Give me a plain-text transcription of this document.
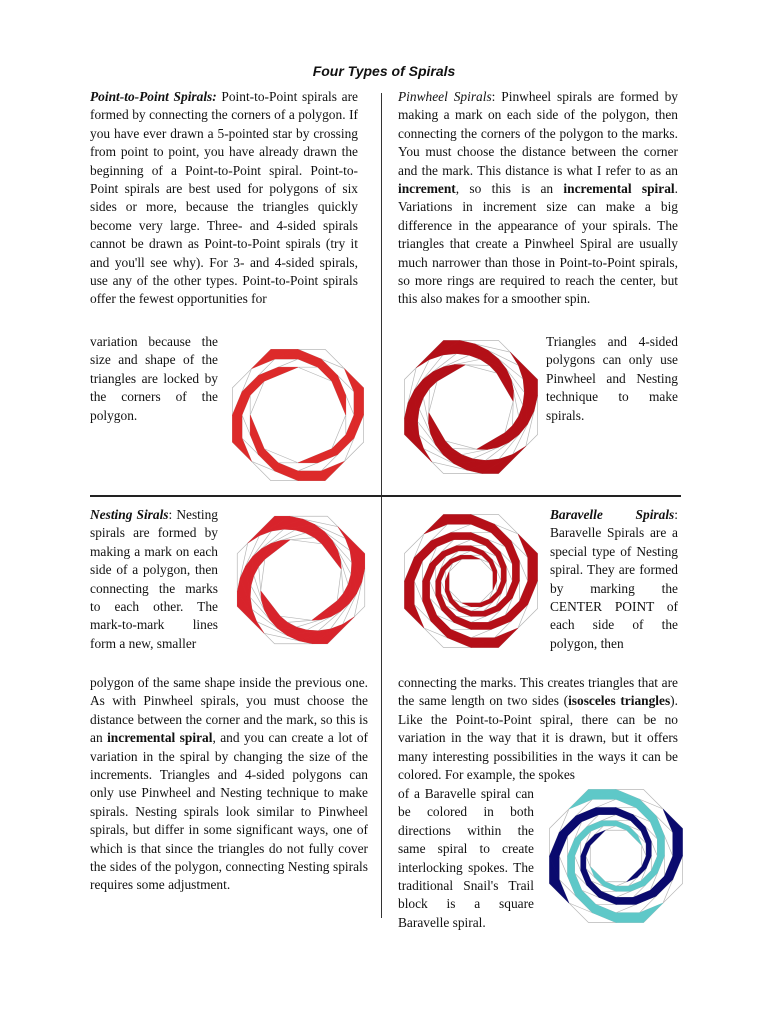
Four Types of Spirals

Point-to-Point Spirals: Point-to-Point spirals are formed by connecting the corners of a polygon. If you have ever drawn a 5-pointed star by crossing from point to point, you have already drawn the beginning of a Point-to-Point spiral. Point-to-Point spirals are best used for polygons of six sides or more, because the triangles quickly become very large. Three- and 4-sided spirals cannot be drawn as Point-to-Point spirals (try it and you'll see why). For 3- and 4-sided spirals, use any of the other types. Point-to-Point spirals offer the fewest opportunities for

variation because the size and shape of the triangles are locked by the corners of the polygon.

Pinwheel Spirals: Pinwheel spirals are formed by making a mark on each side of the polygon, then connecting the corners of the polygon to the marks. You must choose the distance between the corner and the mark. This distance is what I refer to as an increment, so this is an incremental spiral. Variations in increment size can make a big difference in the appearance of your spirals. The triangles that create a Pinwheel Spiral are usually much narrower than those in Point-to-Point spirals, so more rings are required to reach the center, but this also makes for a smoother spin.

Triangles and 4-sided polygons can only use Pinwheel and Nesting technique to make spirals.

Nesting Sirals: Nesting spirals are formed by making a mark on each side of a polygon, then connecting the marks to each other. The mark-to-mark lines form a new, smaller

polygon of the same shape inside the previous one. As with Pinwheel spirals, you must choose the distance between the corner and the mark, so this is an incremental spiral, and you can create a lot of variation in the spiral by changing the size of the increments. Triangles and 4-sided polygons can only use Pinwheel and Nesting technique to make spirals. Nesting spirals look similar to Pinwheel spirals, but differ in some significant ways, one of which is that since the triangles do not fully cover the sides of the polygon, connecting Nesting spirals requires some adjustment.

Baravelle Spirals: Baravelle Spirals are a special type of Nesting spiral. They are formed by marking the CENTER POINT of each side of the polygon, then

connecting the marks. This creates triangles that are the same length on two sides (isosceles triangles). Like the Point-to-Point spiral, there can be no variation in the way that it is drawn, but it offers many interesting possibilities in the ways it can be colored. For example, the spokes

of a Baravelle spiral can be colored in both directions within the same spiral to create interlocking spokes. The traditional Snail's Trail block is a square Baravelle spiral.
